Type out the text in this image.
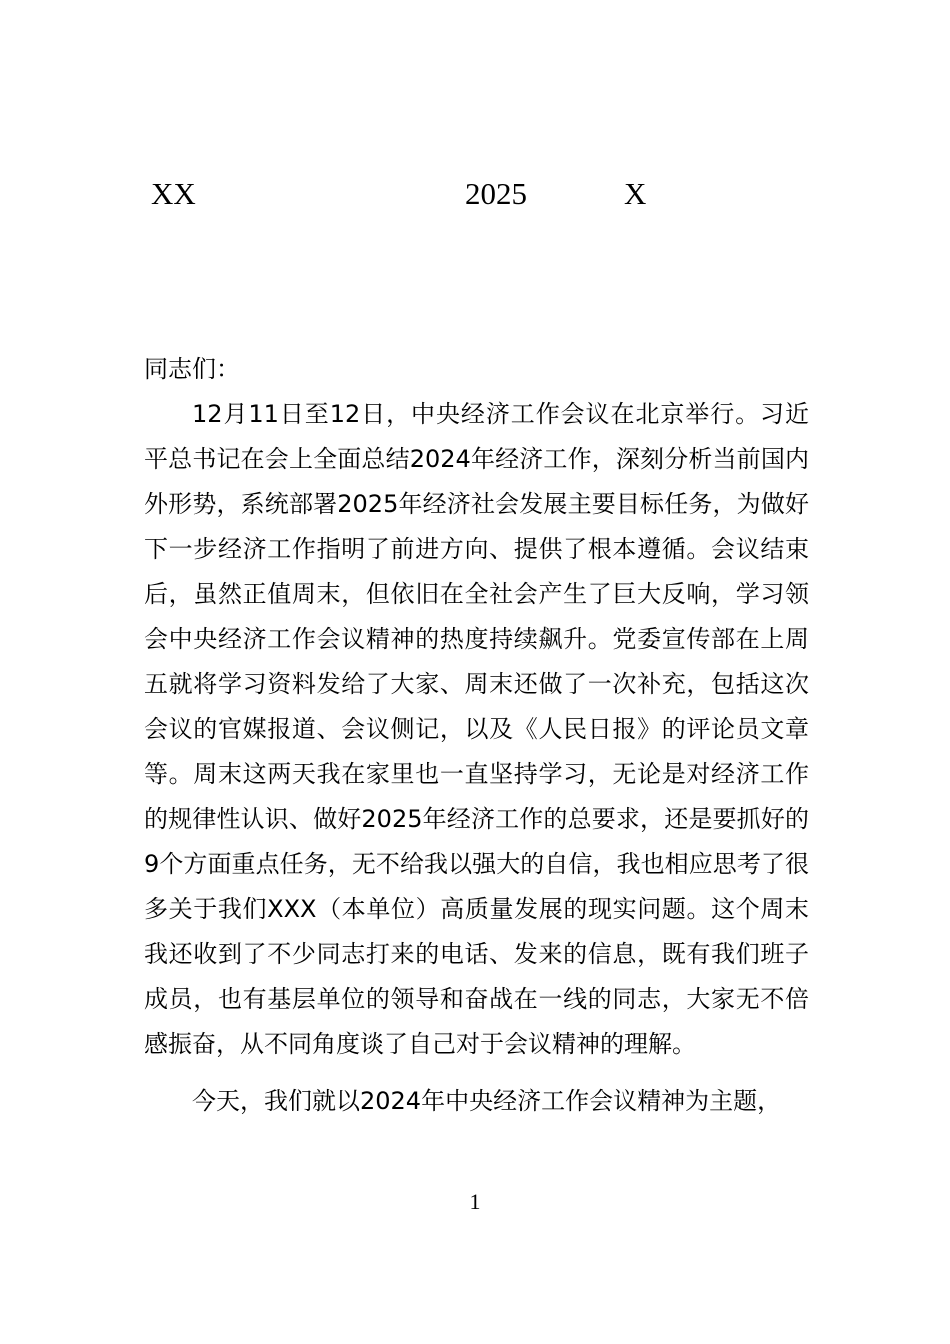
XX	2025	X

同志们：

12月11日至12日，中央经济工作会议在北京举行。习近平总书记在会上全面总结2024年经济工作，深刻分析当前国内外形势，系统部署2025年经济社会发展主要目标任务，为做好下一步经济工作指明了前进方向、提供了根本遵循。会议结束后，虽然正值周末，但依旧在全社会产生了巨大反响，学习领会中央经济工作会议精神的热度持续飙升。党委宣传部在上周五就将学习资料发给了大家、周末还做了一次补充，包括这次会议的官媒报道、会议侧记，以及《人民日报》的评论员文章等。周末这两天我在家里也一直坚持学习，无论是对经济工作的规律性认识、做好2025年经济工作的总要求，还是要抓好的9个方面重点任务，无不给我以强大的自信，我也相应思考了很多关于我们XXX（本单位）高质量发展的现实问题。这个周末我还收到了不少同志打来的电话、发来的信息，既有我们班子成员，也有基层单位的领导和奋战在一线的同志，大家无不倍感振奋，从不同角度谈了自己对于会议精神的理解。

今天，我们就以2024年中央经济工作会议精神为主题，

1
